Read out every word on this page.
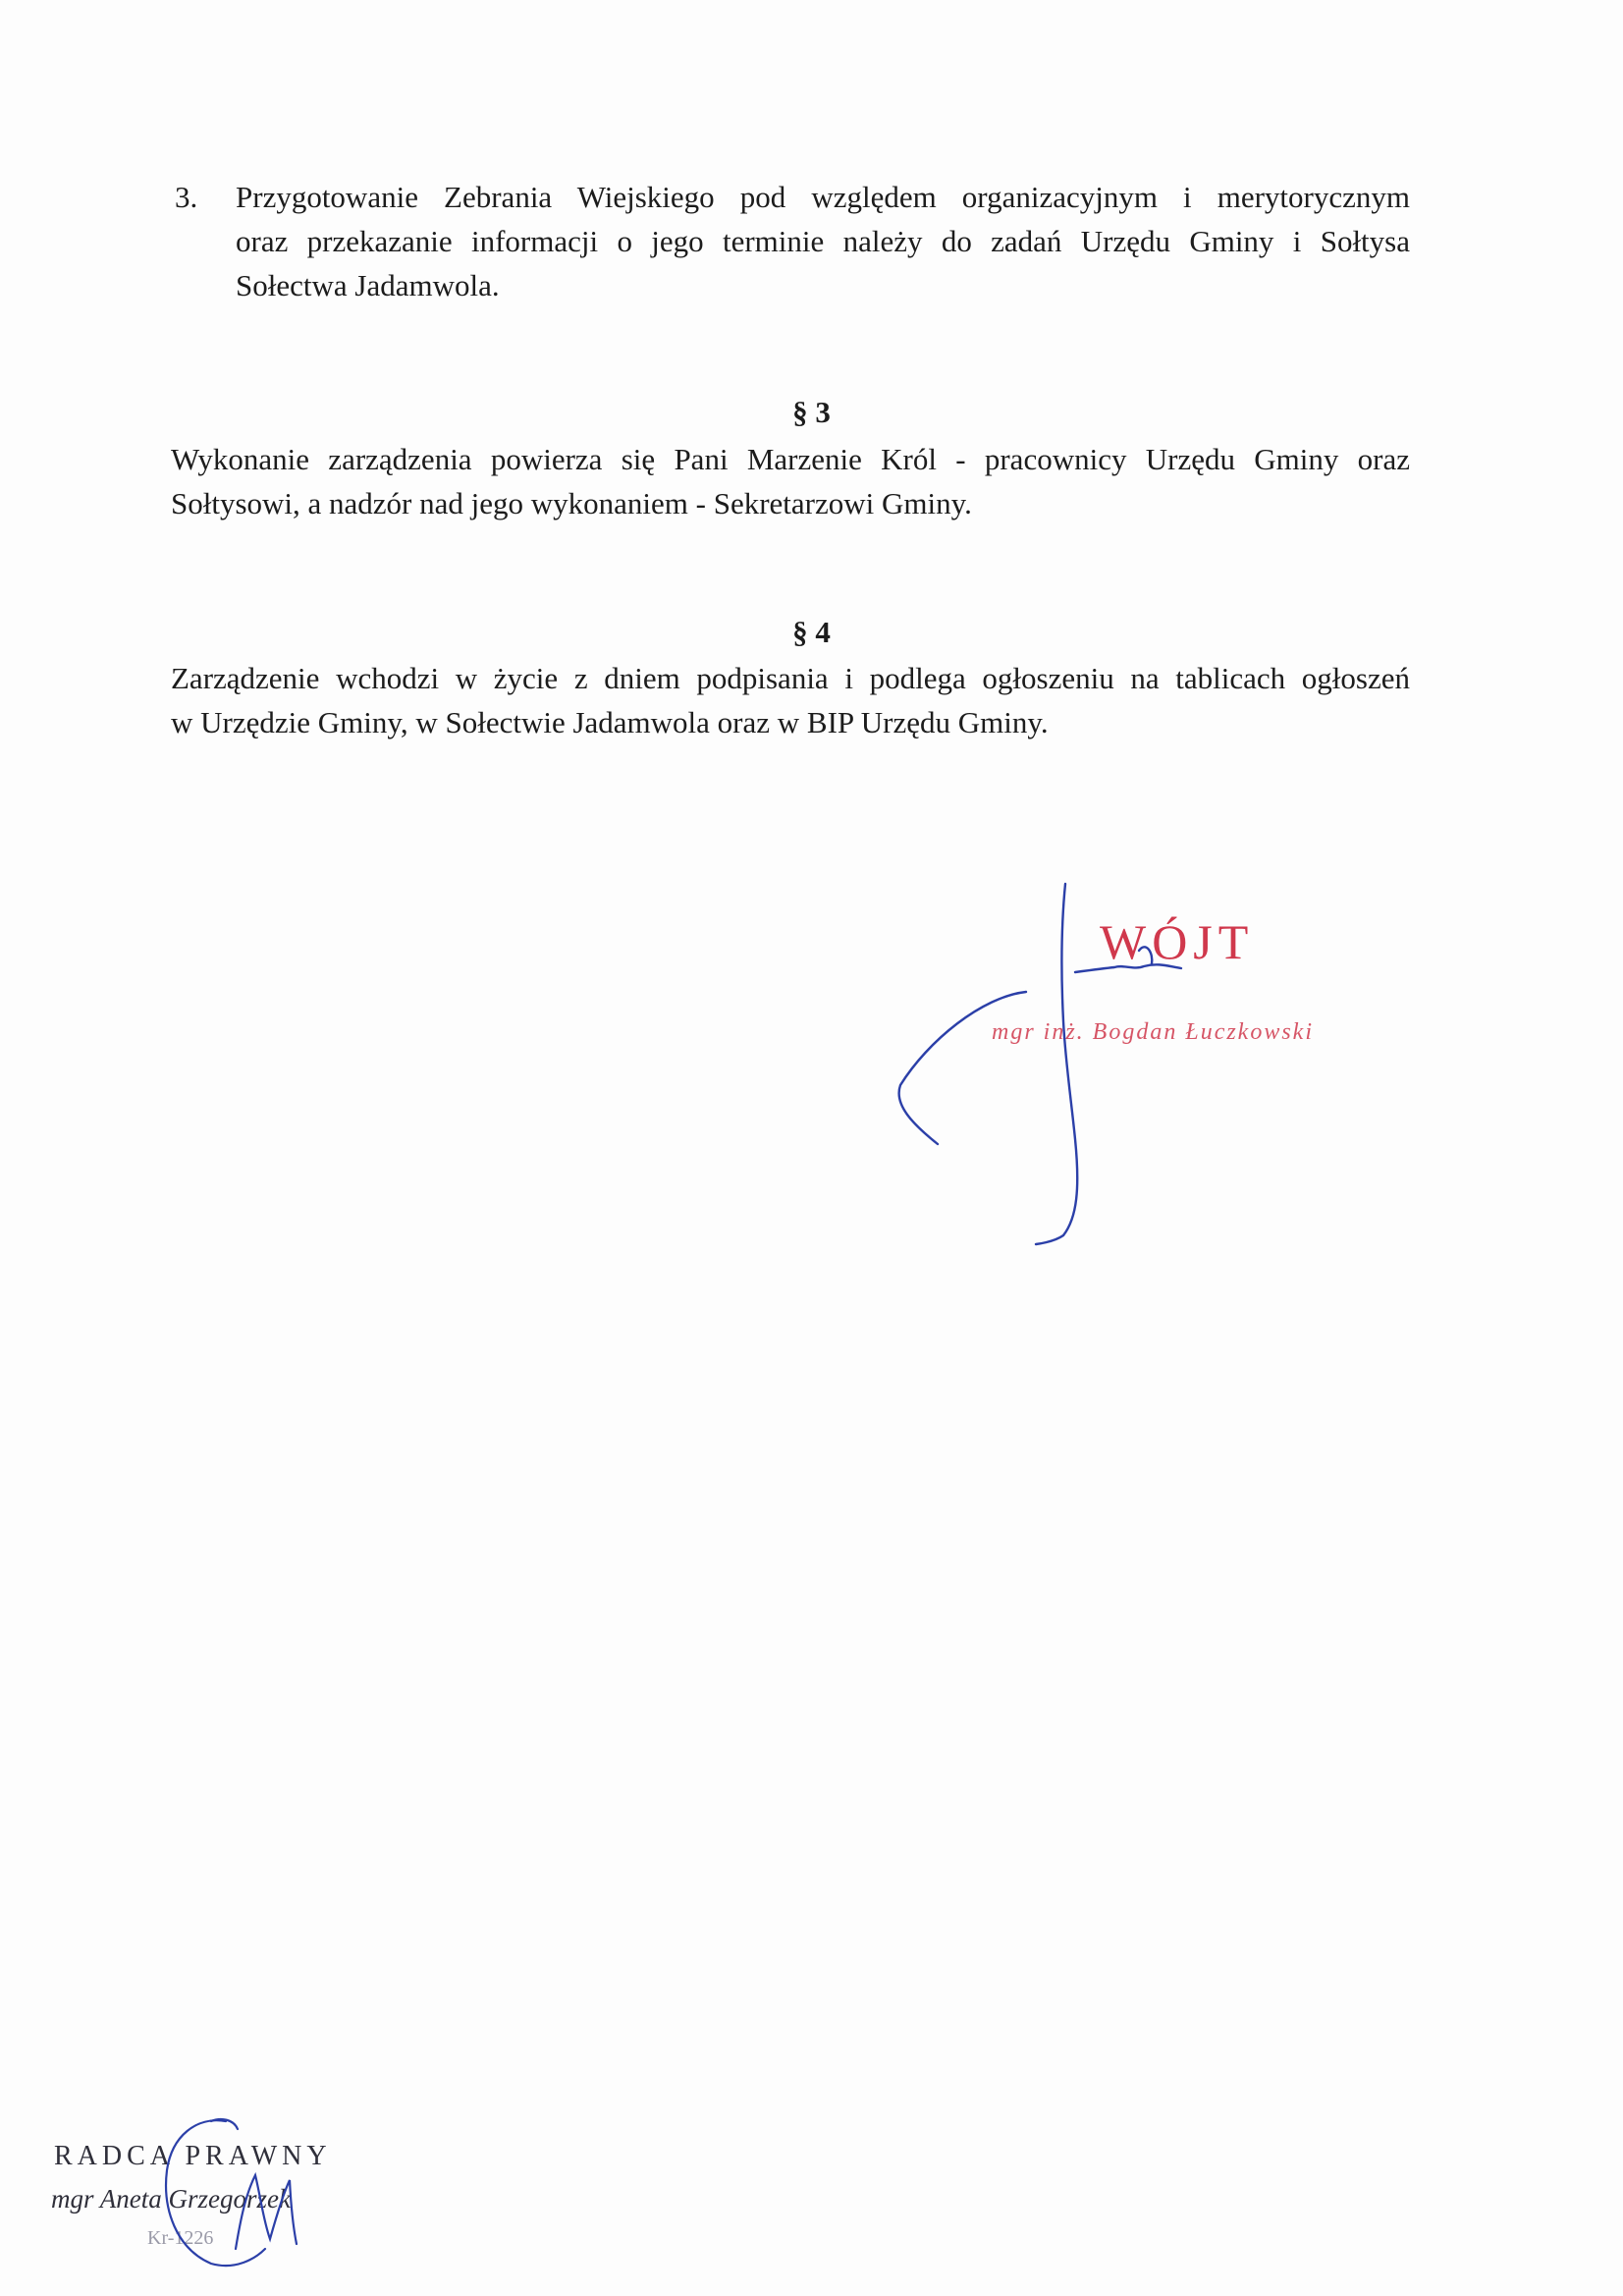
3. Przygotowanie Zebrania Wiejskiego pod względem organizacyjnym i merytorycznym
oraz przekazanie informacji o jego terminie należy do zadań Urzędu Gminy i Sołtysa
Sołectwa Jadamwola.
§ 3
Wykonanie zarządzenia powierza się Pani Marzenie Król - pracownicy Urzędu Gminy oraz
Sołtysowi, a nadzór nad jego wykonaniem - Sekretarzowi Gminy.
§ 4
Zarządzenie wchodzi w życie z dniem podpisania i podlega ogłoszeniu na tablicach ogłoszeń
w Urzędzie Gminy, w Sołectwie Jadamwola oraz w BIP Urzędu Gminy.
WÓJT
mgr inż. Bogdan Łuczkowski
RADCA PRAWNY
mgr Aneta Grzegorzek
Kr-1226
